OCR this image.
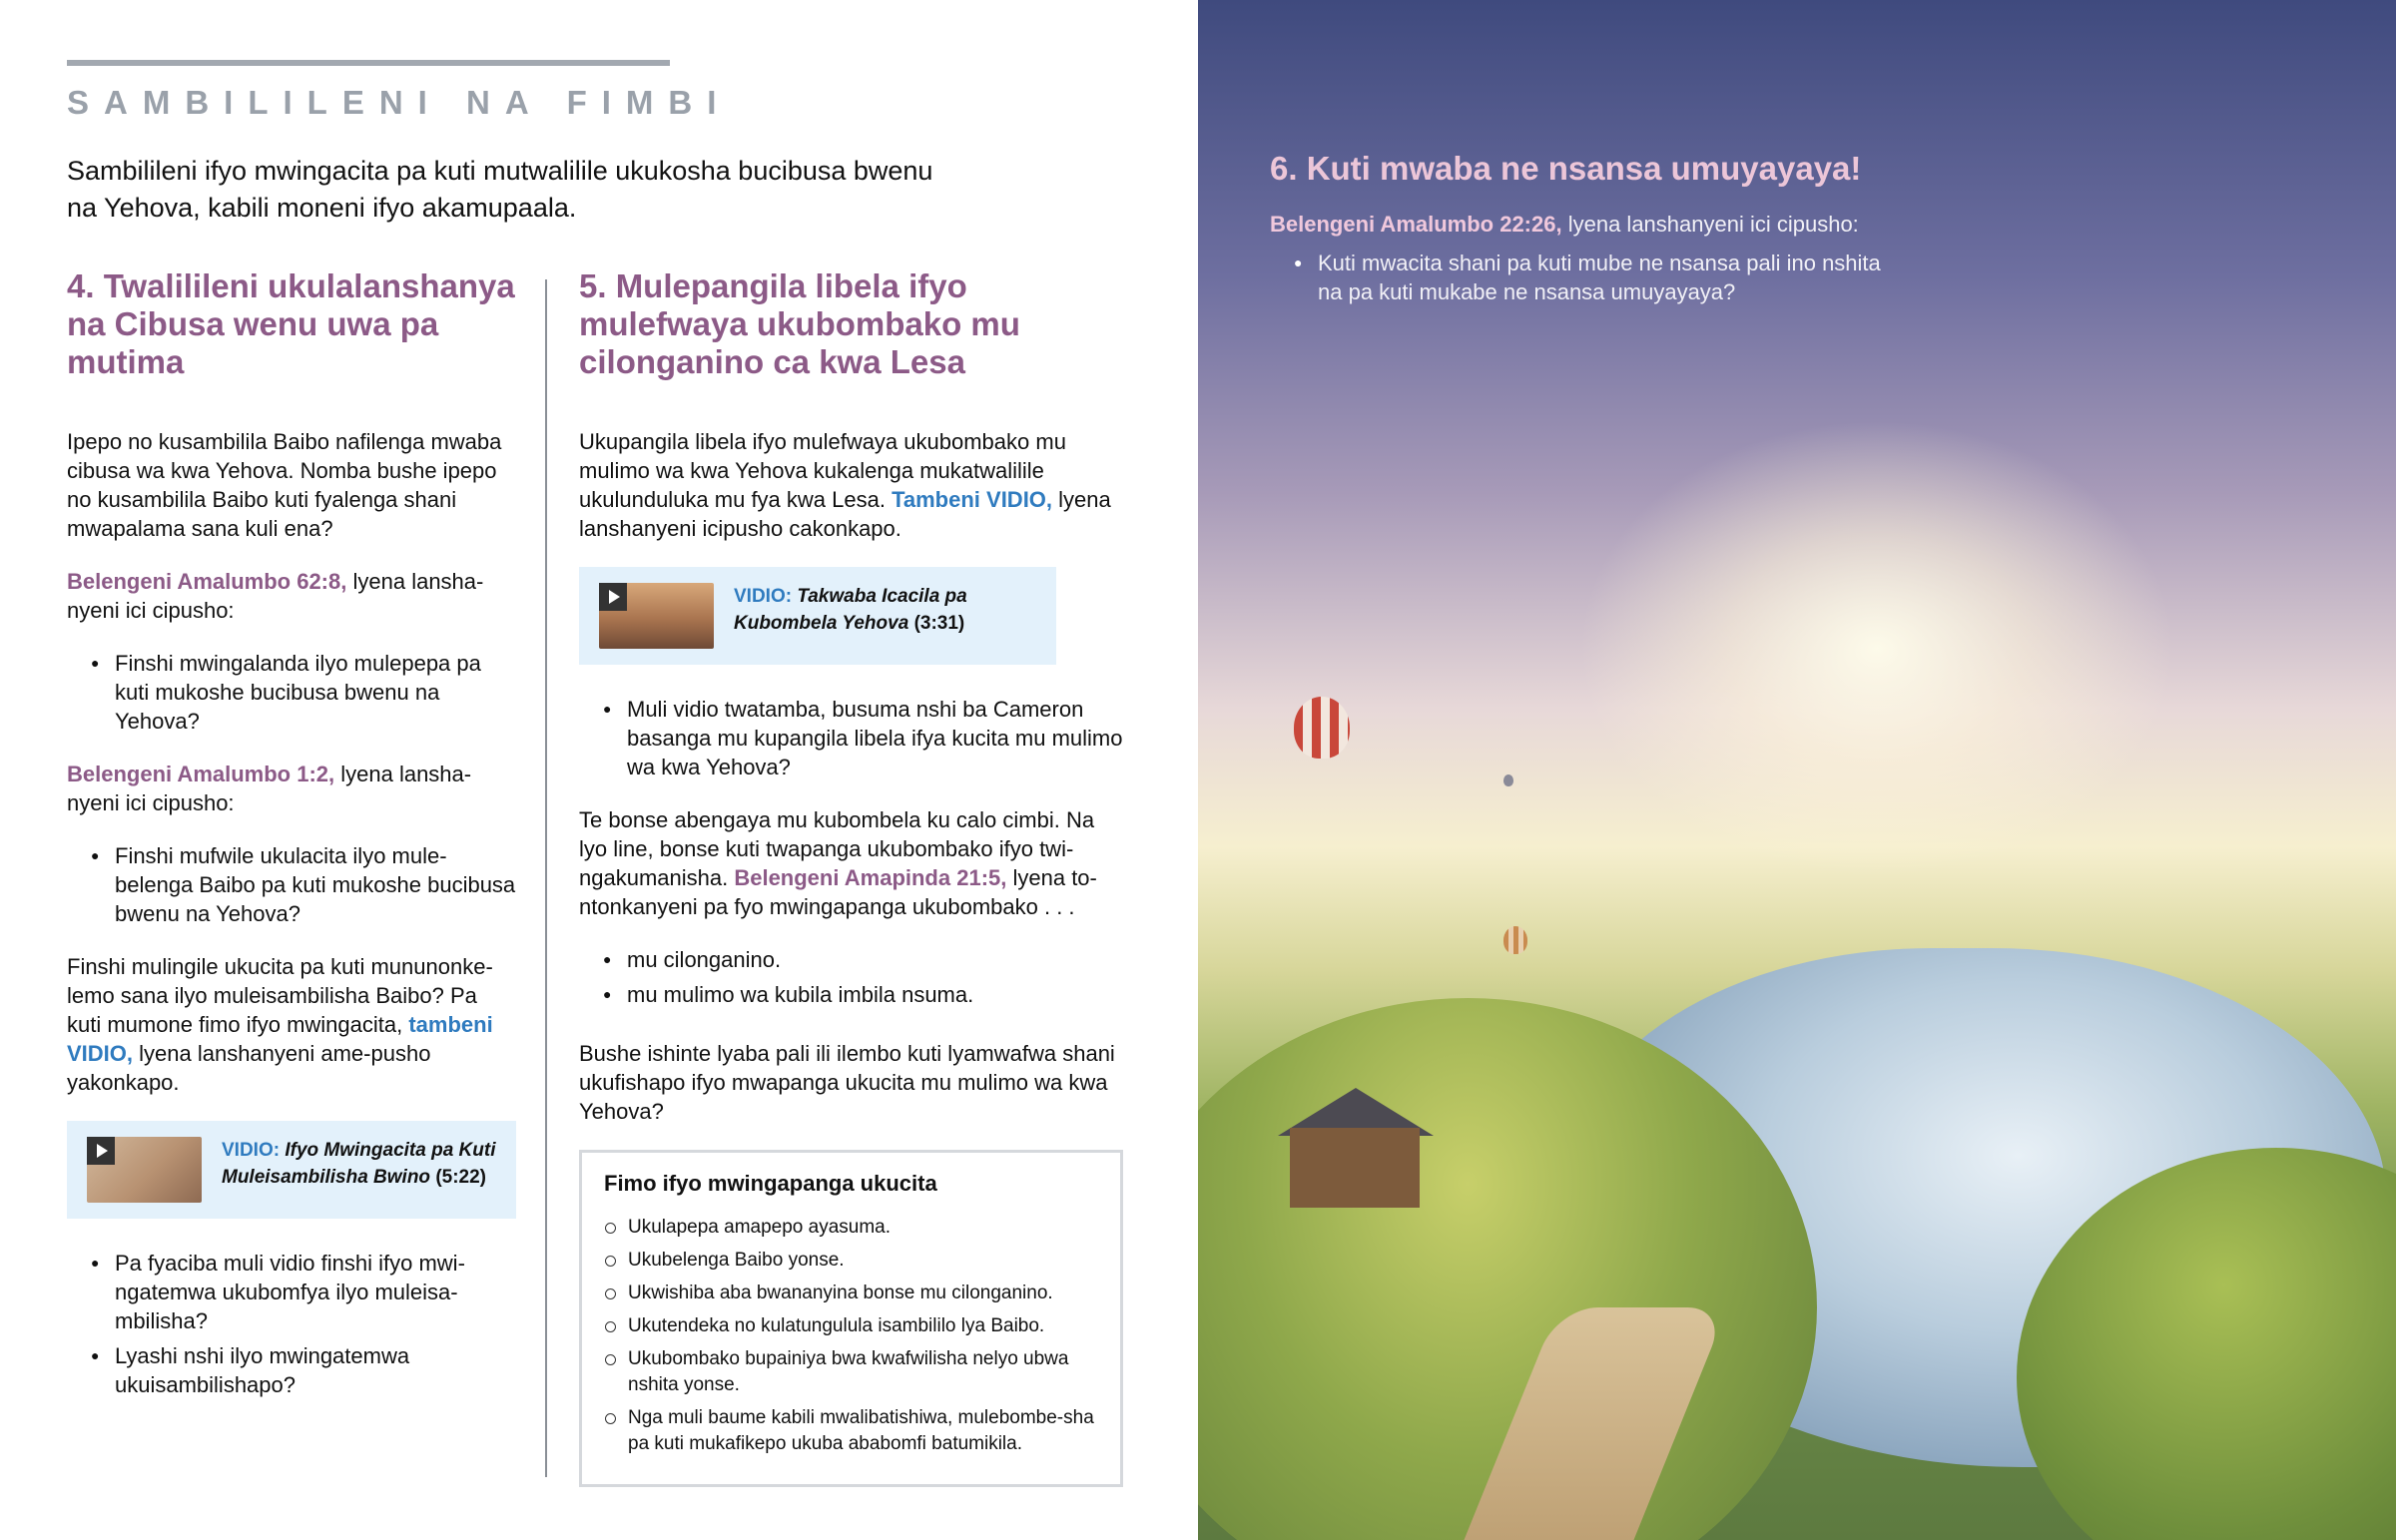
SAMBILILENI NA FIMBI
Sambilileni ifyo mwingacita pa kuti mutwalilile ukukosha bucibusa bwenu na Yehova, kabili moneni ifyo akamupaala.
4. Twalilileni ukulalanshanya na Cibusa wenu uwa pa mutima

Ipepo no kusambilila Baibo nafilenga mwaba cibusa wa kwa Yehova. Nomba bushe ipepo no kusambilila Baibo kuti fyalenga shani mwapalama sana kuli ena?

Belengeni Amalumbo 62:8, lyena lansha-nyeni ici cipusho:

● Finshi mwingalanda ilyo mulepepa pa kuti mukoshe bucibusa bwenu na Yehova?

Belengeni Amalumbo 1:2, lyena lansha-nyeni ici cipusho:

● Finshi mufwile ukulacita ilyo mule-belenga Baibo pa kuti mukoshe bucibusa bwenu na Yehova?

Finshi mulingile ukucita pa kuti mununonke-lemo sana ilyo muleisambilisha Baibo? Pa kuti mumone fimo ifyo mwingacita, tambeni VIDIO, lyena lanshanyeni ame-pusho yakonkapo.

VIDIO: Ifyo Mwingacita pa Kuti Muleisambilisha Bwino (5:22)
● Pa fyaciba muli vidio finshi ifyo mwi-ngatemwa ukubomfya ilyo muleisa-mbilisha?
● Lyashi nshi ilyo mwingatemwa ukuisambilishapo?
5. Mulepangila libela ifyo mulefwaya ukubombako mu cilonganino ca kwa Lesa

Ukupangila libela ifyo mulefwaya ukubombako mu mulimo wa kwa Yehova kukalenga mukatwalilile ukulunduluka mu fya kwa Lesa. Tambeni VIDIO, lyena lanshanyeni icipusho cakonkapo.

VIDIO: Takwaba Icacila pa Kubombela Yehova (3:31)
● Muli vidio twatamba, busuma nshi ba Cameron basanga mu kupangila libela ifya kucita mu mulimo wa kwa Yehova?

Te bonse abengaya mu kubombela ku calo cimbi. Na lyo line, bonse kuti twapanga ukubombako ifyo twi-ngakumanisha. Belengeni Amapinda 21:5, lyena to-ntonkanyeni pa fyo mwingapanga ukubombako . . .

● mu cilonganino.
● mu mulimo wa kubila imbila nsuma.

Bushe ishinte lyaba pali ili ilembo kuti lyamwafwa shani ukufishapo ifyo mwapanga ukucita mu mulimo wa kwa Yehova?

Fimo ifyo mwingapanga ukucita
Ukulapepa amapepo ayasuma.
Ukubelenga Baibo yonse.
Ukwishiba aba bwananyina bonse mu cilonganino.
Ukutendeka no kulatungulula isambililo lya Baibo.
Ukubombako bupainiya bwa kwafwilisha nelyo ubwa nshita yonse.
Nga muli baume kabili mwalibatishiwa, mulebombe-sha pa kuti mukafikepo ukuba ababomfi batumikila.
6. Kuti mwaba ne nsansa umuyayaya!

Belengeni Amalumbo 22:26, lyena lanshanyeni ici cipusho:

● Kuti mwacita shani pa kuti mube ne nsansa pali ino nshita na pa kuti mukabe ne nsansa umuyayaya?
